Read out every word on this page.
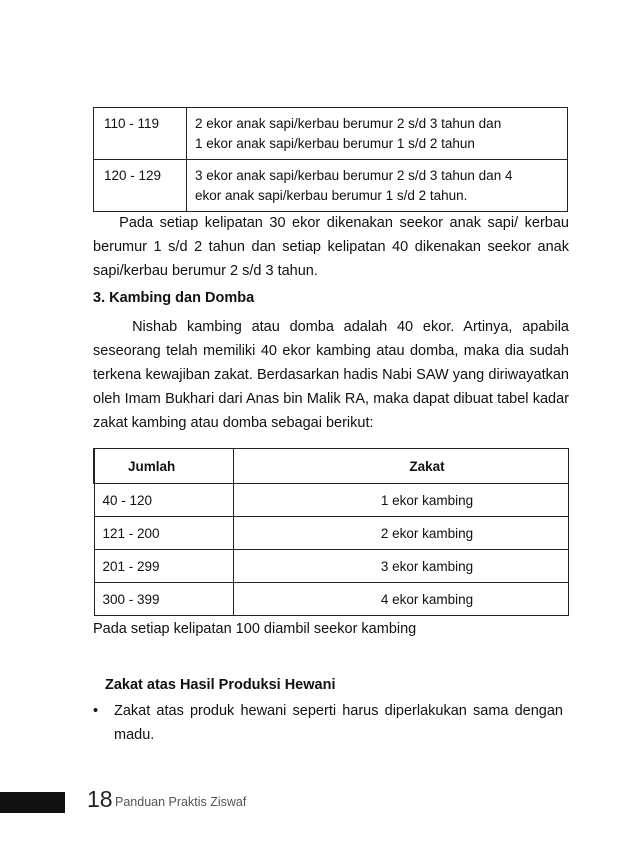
110 - 119	2 ekor anak sapi/kerbau berumur 2 s/d 3 tahun dan
1 ekor anak sapi/kerbau berumur 1 s/d 2 tahun

120 - 129	3 ekor anak sapi/kerbau berumur 2 s/d 3 tahun dan 4
ekor anak sapi/kerbau berumur 1 s/d 2 tahun.
Pada setiap kelipatan 30 ekor dikenakan seekor anak sapi/ kerbau berumur 1 s/d 2 tahun dan setiap kelipatan 40 dikenakan seekor anak sapi/kerbau berumur 2 s/d 3 tahun.
3. Kambing dan Domba
Nishab kambing atau domba adalah 40 ekor. Artinya, apabila seseorang telah memiliki 40 ekor kambing atau domba, maka dia sudah terkena kewajiban zakat. Berdasarkan hadis Nabi SAW yang diriwayatkan oleh Imam Bukhari dari Anas bin Malik RA, maka dapat dibuat tabel kadar zakat kambing atau domba sebagai berikut:
Jumlah	Zakat
40 - 120	1 ekor kambing
121 - 200	2 ekor kambing
201 - 299	3 ekor kambing
300 - 399	4 ekor kambing
Pada setiap kelipatan 100 diambil seekor kambing
Zakat atas Hasil Produksi Hewani
• Zakat atas produk hewani seperti harus diperlakukan sama dengan madu.
18 Panduan Praktis Ziswaf
